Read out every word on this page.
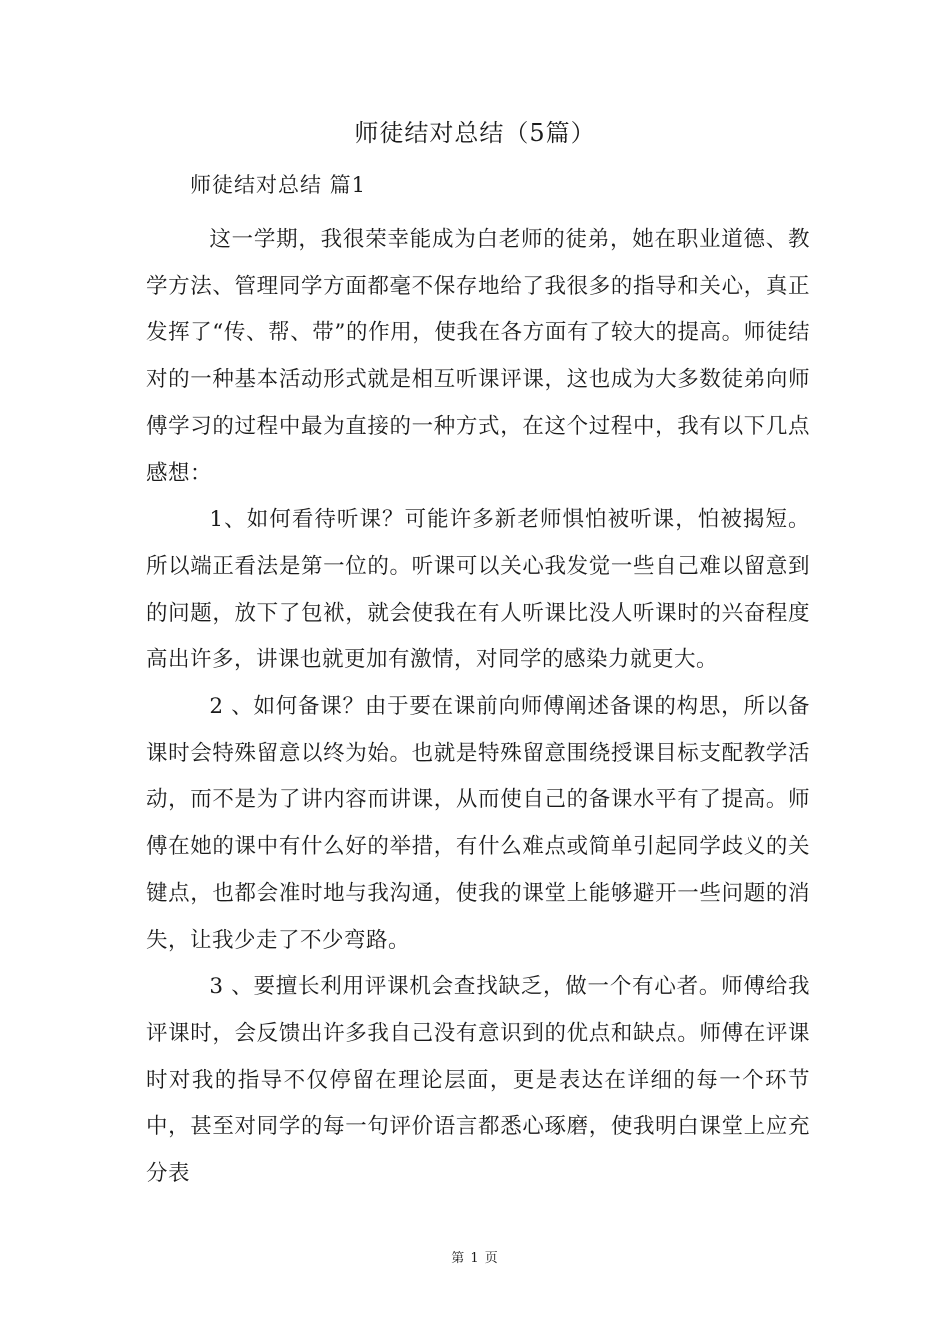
师徒结对总结（5篇）
师徒结对总结 篇1

这一学期，我很荣幸能成为白老师的徒弟，她在职业道德、教学方法、管理同学方面都毫不保存地给了我很多的指导和关心，真正发挥了“传、帮、带”的作用，使我在各方面有了较大的提高。师徒结对的一种基本活动形式就是相互听课评课，这也成为大多数徒弟向师傅学习的过程中最为直接的一种方式，在这个过程中，我有以下几点感想：

1、如何看待听课？可能许多新老师惧怕被听课，怕被揭短。所以端正看法是第一位的。听课可以关心我发觉一些自己难以留意到的问题，放下了包袱，就会使我在有人听课比没人听课时的兴奋程度高出许多，讲课也就更加有激情，对同学的感染力就更大。

2 、如何备课？由于要在课前向师傅阐述备课的构思，所以备课时会特殊留意以终为始。也就是特殊留意围绕授课目标支配教学活动，而不是为了讲内容而讲课，从而使自己的备课水平有了提高。师傅在她的课中有什么好的举措，有什么难点或简单引起同学歧义的关键点，也都会准时地与我沟通，使我的课堂上能够避开一些问题的消失，让我少走了不少弯路。

3 、要擅长利用评课机会查找缺乏，做一个有心者。师傅给我评课时，会反馈出许多我自己没有意识到的优点和缺点。师傅在评课时对我的指导不仅停留在理论层面，更是表达在详细的每一个环节中，甚至对同学的每一句评价语言都悉心琢磨，使我明白课堂上应充分表

第 1 页
